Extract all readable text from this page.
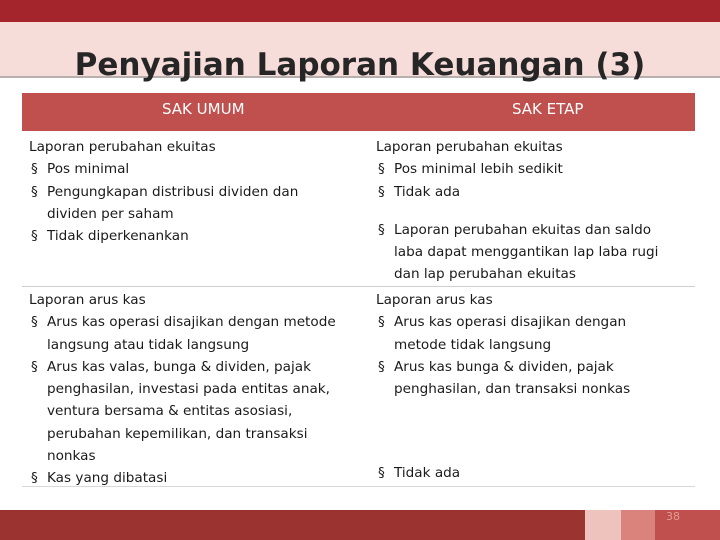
Penyajian Laporan Keuangan (3)
SAK UMUM	SAK ETAP
Laporan perubahan ekuitas
§ Pos minimal
§ Pengungkapan distribusi dividen dan
dividen per saham
§ Tidak diperkenankan
Laporan perubahan ekuitas
§ Pos minimal lebih sedikit
§ Tidak ada
§ Laporan perubahan ekuitas dan saldo
laba dapat menggantikan lap laba rugi
dan lap perubahan ekuitas
Laporan arus kas
§ Arus kas operasi disajikan dengan metode
langsung atau tidak langsung
§ Arus kas valas, bunga & dividen, pajak
penghasilan, investasi pada entitas anak,
ventura bersama & entitas asosiasi,
perubahan kepemilikan, dan transaksi
nonkas
§ Kas yang dibatasi
Laporan arus kas
§ Arus kas operasi disajikan dengan
metode tidak langsung
§ Arus kas bunga & dividen, pajak
penghasilan, dan transaksi nonkas
§ Tidak ada
38
